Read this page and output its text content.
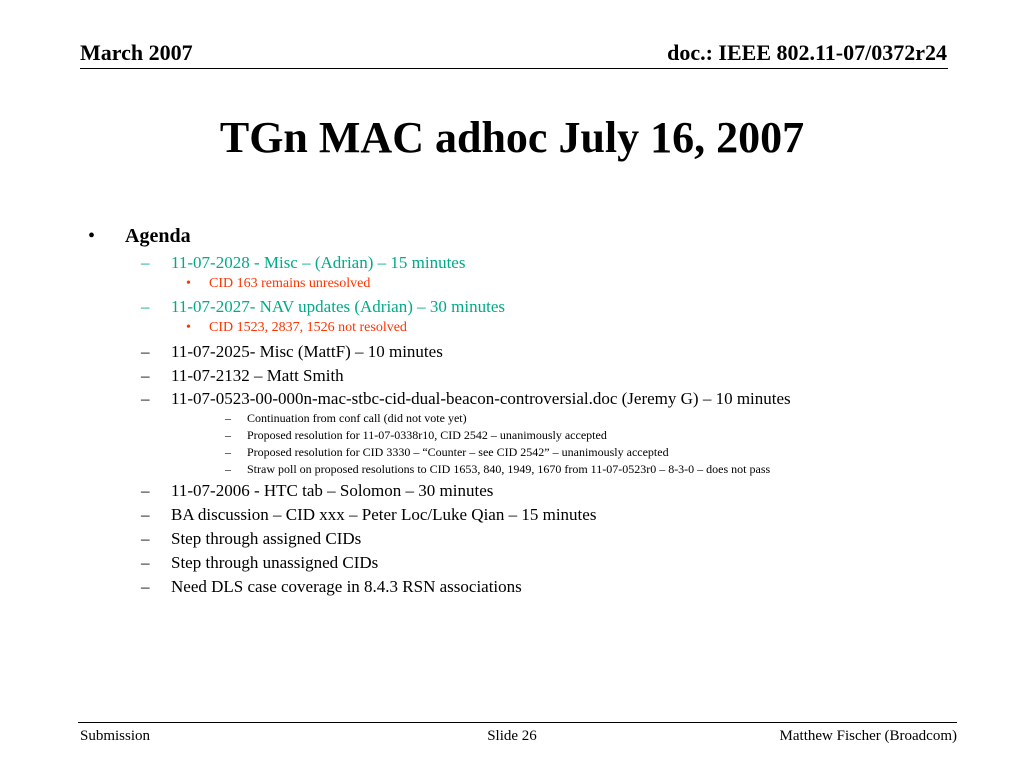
March 2007	doc.: IEEE 802.11-07/0372r24
TGn MAC adhoc July 16, 2007
• Agenda
– 11-07-2028 - Misc – (Adrian) – 15 minutes
• CID 163 remains unresolved
– 11-07-2027- NAV updates (Adrian) – 30 minutes
• CID 1523, 2837, 1526 not resolved
– 11-07-2025- Misc (MattF) – 10 minutes
– 11-07-2132 – Matt Smith
– 11-07-0523-00-000n-mac-stbc-cid-dual-beacon-controversial.doc (Jeremy G) – 10 minutes
– Continuation from conf call (did not vote yet)
– Proposed resolution for 11-07-0338r10, CID 2542 – unanimously accepted
– Proposed resolution for CID 3330 – “Counter – see CID 2542” – unanimously accepted
– Straw poll on proposed resolutions to CID 1653, 840, 1949, 1670 from 11-07-0523r0 – 8-3-0 – does not pass
– 11-07-2006 - HTC tab – Solomon – 30 minutes
– BA discussion – CID xxx – Peter Loc/Luke Qian – 15 minutes
– Step through assigned CIDs
– Step through unassigned CIDs
– Need DLS case coverage in 8.4.3 RSN associations
Submission	Slide 26	Matthew Fischer (Broadcom)
